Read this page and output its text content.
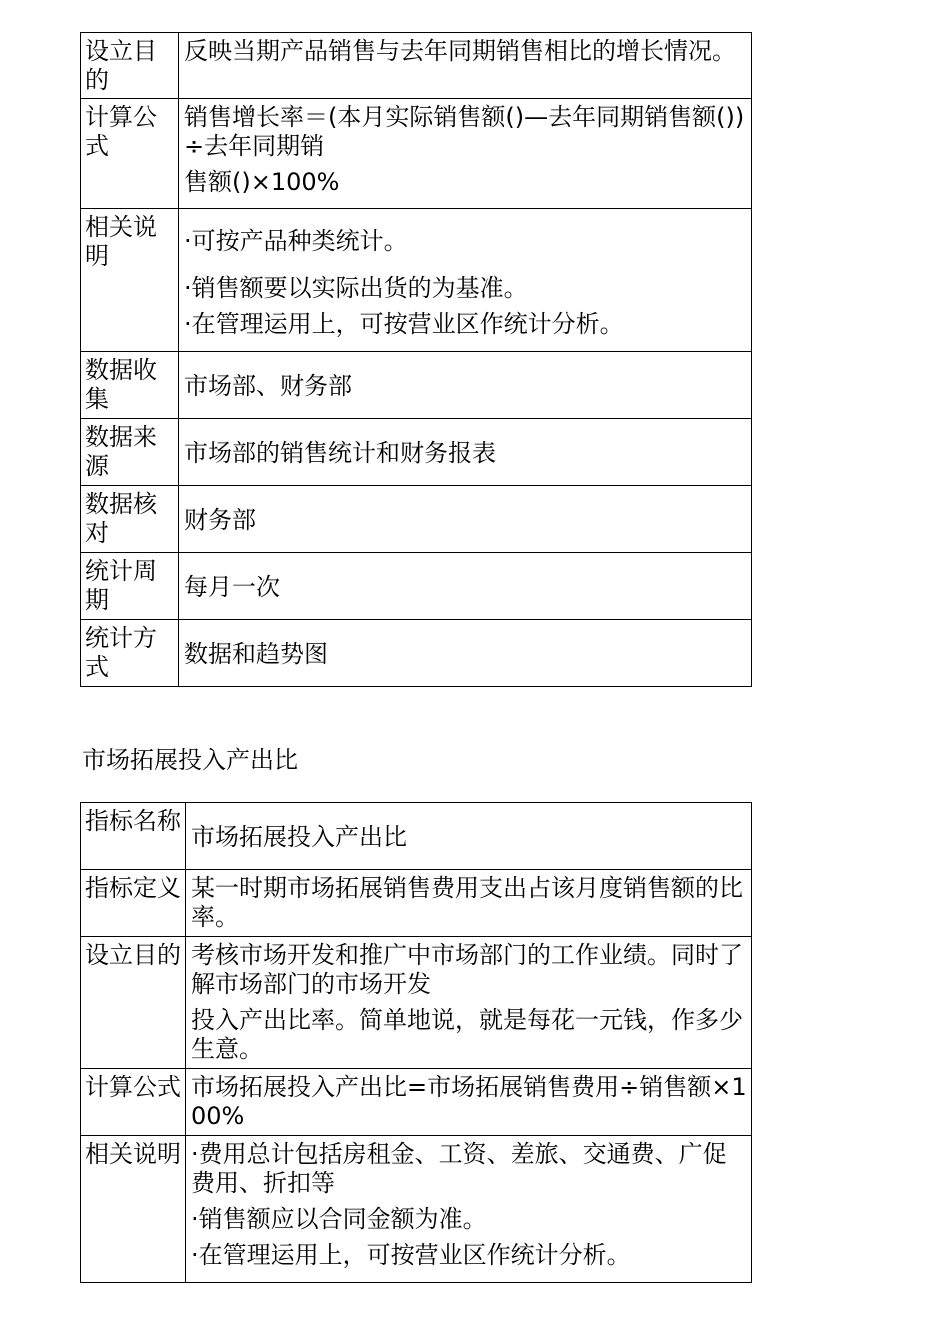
设立目的	反映当期产品销售与去年同期销售相比的增长情况。

计算公式	销售增长率＝(本月实际销售额()—去年同期销售额())÷去年同期销
售额()×100%

相关说明	·可按产品种类统计。
·销售额要以实际出货的为基准。
·在管理运用上，可按营业区作统计分析。

数据收集	市场部、财务部
数据来源	市场部的销售统计和财务报表
数据核对	财务部
统计周期	每月一次
统计方式	数据和趋势图

市场拓展投入产出比

指标名称	市场拓展投入产出比
指标定义	某一时期市场拓展销售费用支出占该月度销售额的比率。

设立目的	考核市场开发和推广中市场部门的工作业绩。同时了解市场部门的市场开发
投入产出比率。简单地说，就是每花一元钱，作多少生意。

计算公式	市场拓展投入产出比=市场拓展销售费用÷销售额×100%

相关说明	·费用总计包括房租金、工资、差旅、交通费、广促费用、折扣等
·销售额应以合同金额为准。
·在管理运用上，可按营业区作统计分析。
